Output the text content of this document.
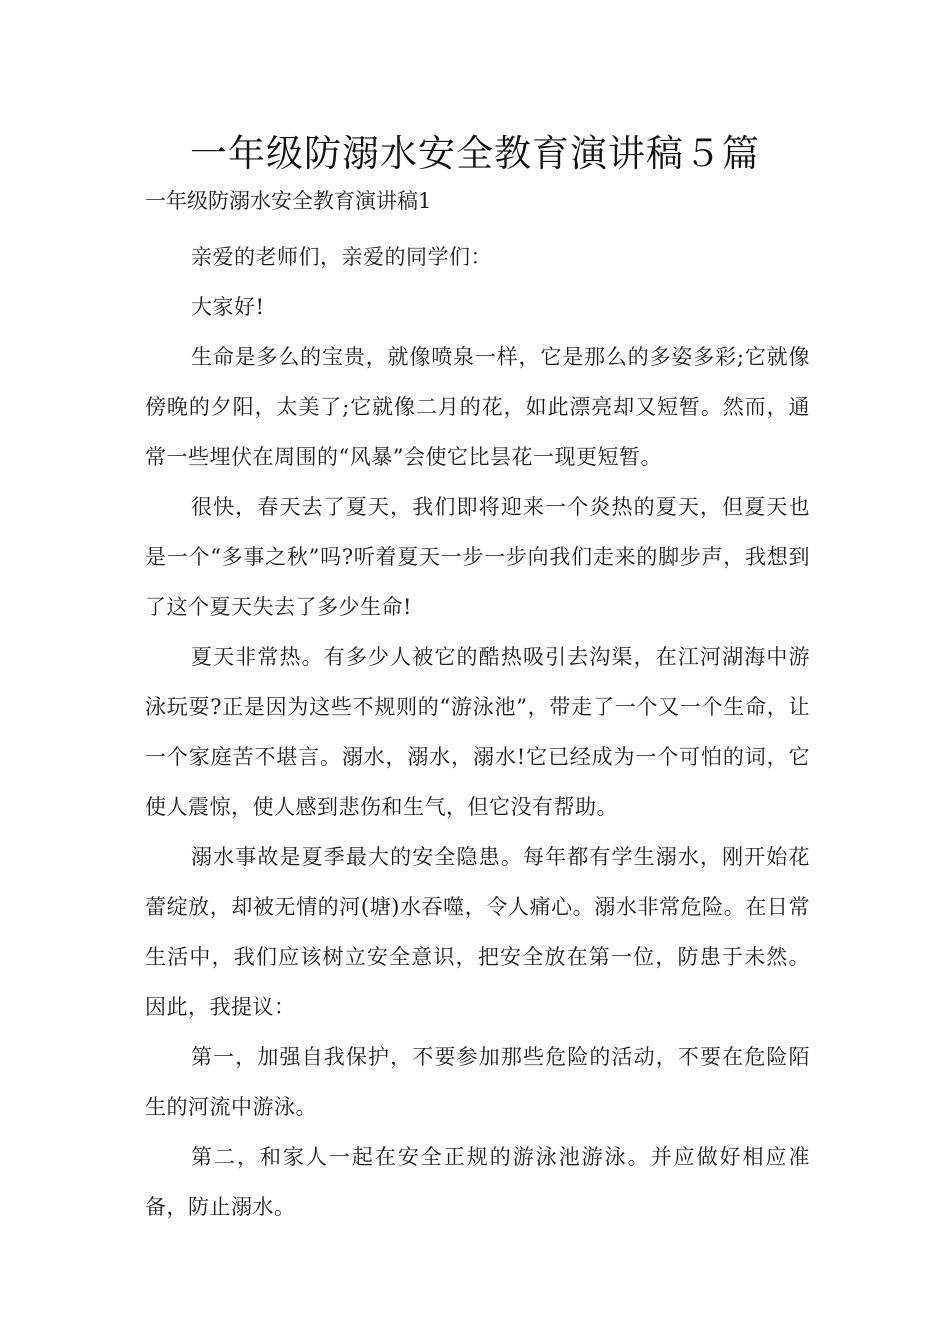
一年级防溺水安全教育演讲稿５篇
一年级防溺水安全教育演讲稿1

亲爱的老师们，亲爱的同学们：

大家好!

生命是多么的宝贵，就像喷泉一样，它是那么的多姿多彩;它就像傍晚的夕阳，太美了;它就像二月的花，如此漂亮却又短暂。然而，通常一些埋伏在周围的“风暴”会使它比昙花一现更短暂。

很快，春天去了夏天，我们即将迎来一个炎热的夏天，但夏天也是一个“多事之秋”吗?听着夏天一步一步向我们走来的脚步声，我想到了这个夏天失去了多少生命!

夏天非常热。有多少人被它的酷热吸引去沟渠，在江河湖海中游泳玩耍?正是因为这些不规则的“游泳池”，带走了一个又一个生命，让一个家庭苦不堪言。溺水，溺水，溺水!它已经成为一个可怕的词，它使人震惊，使人感到悲伤和生气，但它没有帮助。

溺水事故是夏季最大的安全隐患。每年都有学生溺水，刚开始花蕾绽放，却被无情的河(塘)水吞噬，令人痛心。溺水非常危险。在日常生活中，我们应该树立安全意识，把安全放在第一位，防患于未然。因此，我提议：

第一，加强自我保护，不要参加那些危险的活动，不要在危险陌生的河流中游泳。

第二，和家人一起在安全正规的游泳池游泳。并应做好相应准备，防止溺水。
